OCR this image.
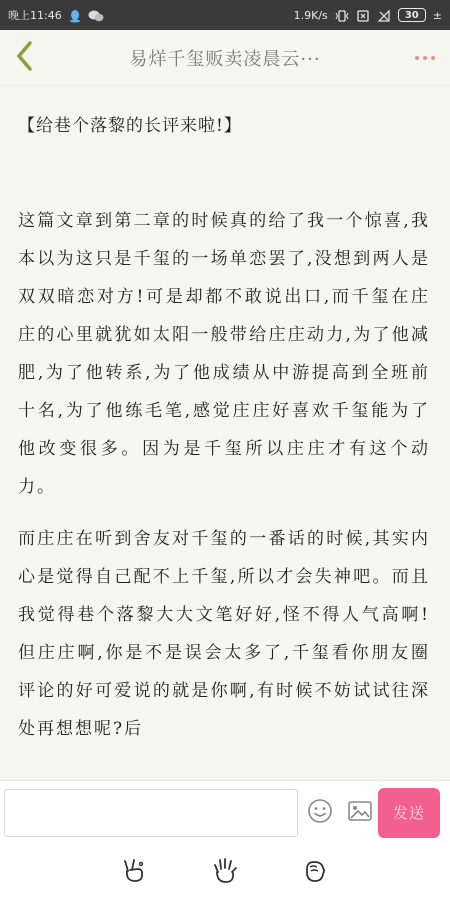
晚上11:46	1.9K/s	30 ±
易烊千玺贩卖凌晨云···
【给巷个落黎的长评来啦!】

这篇文章到第二章的时候真的给了我一个惊喜,我本以为这只是千玺的一场单恋罢了,没想到两人是双双暗恋对方!可是却都不敢说出口,而千玺在庄庄的心里就犹如太阳一般带给庄庄动力,为了他减肥,为了他转系,为了他成绩从中游提高到全班前十名,为了他练毛笔,感觉庄庄好喜欢千玺能为了他改变很多。因为是千玺所以庄庄才有这个动力。

而庄庄在听到舍友对千玺的一番话的时候,其实内心是觉得自己配不上千玺,所以才会失神吧。而且我觉得巷个落黎大大文笔好好,怪不得人气高啊!但庄庄啊,你是不是误会太多了,千玺看你朋友圈评论的好可爱说的就是你啊,有时候不妨试试往深处再想想呢?后

发送
